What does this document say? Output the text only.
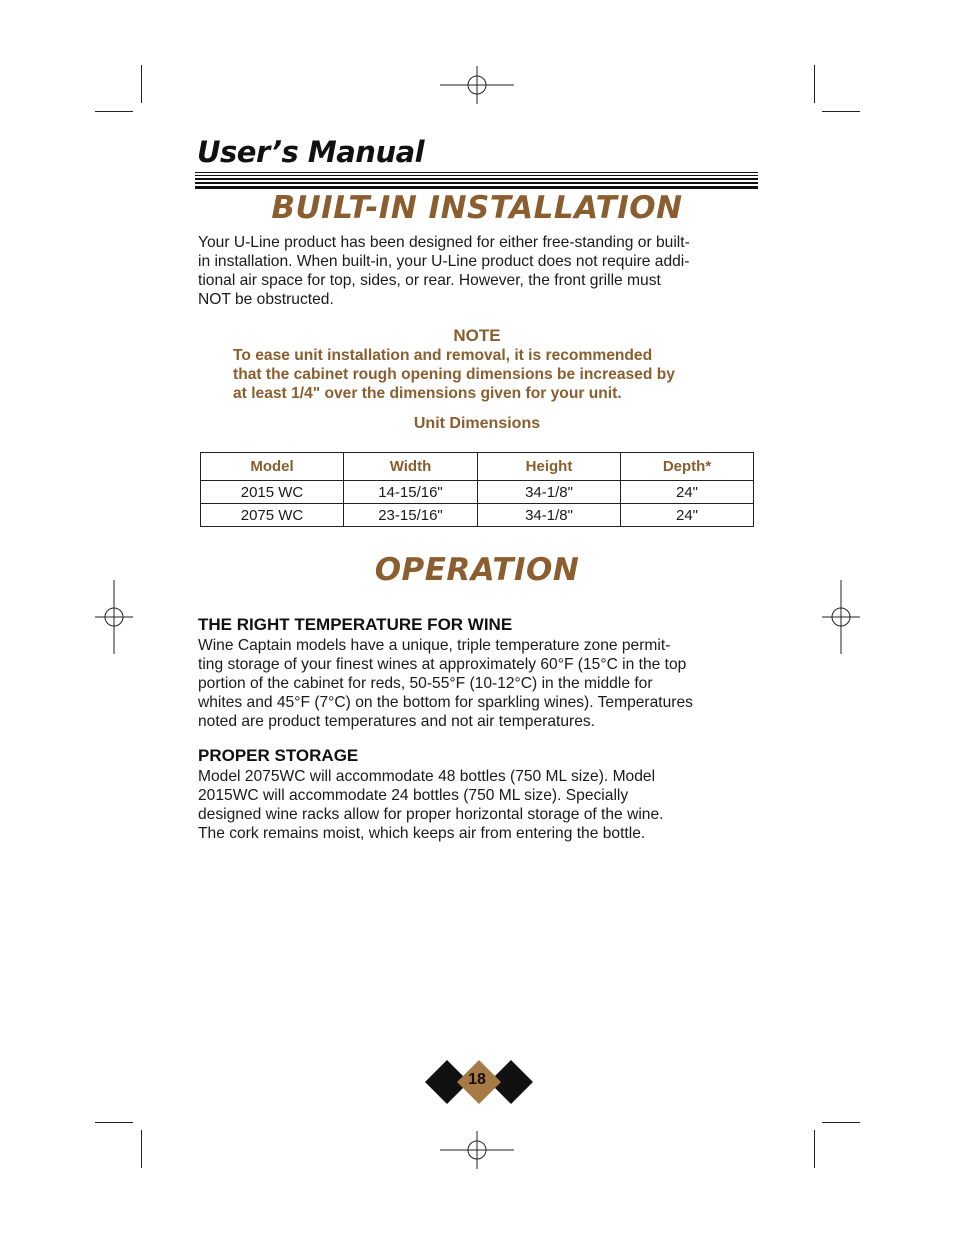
User’s Manual
BUILT-IN INSTALLATION
Your U-Line product has been designed for either free-standing or built-
in installation. When built-in, your U-Line product does not require addi-
tional air space for top, sides, or rear. However, the front grille must
NOT be obstructed.
NOTE
To ease unit installation and removal, it is recommended
that the cabinet rough opening dimensions be increased by
at least 1/4" over the dimensions given for your unit.
Unit Dimensions
Model	Width	Height	Depth*
2015 WC	14-15/16"	34-1/8"	24"
2075 WC	23-15/16"	34-1/8"	24"
OPERATION
THE RIGHT TEMPERATURE FOR WINE
Wine Captain models have a unique, triple temperature zone permit-
ting storage of your finest wines at approximately 60°F (15°C in the top
portion of the cabinet for reds, 50-55°F (10-12°C) in the middle for
whites and 45°F (7°C) on the bottom for sparkling wines). Temperatures
noted are product temperatures and not air temperatures.
PROPER STORAGE
Model 2075WC will accommodate 48 bottles (750 ML size). Model
2015WC will accommodate 24 bottles (750 ML size). Specially
designed wine racks allow for proper horizontal storage of the wine.
The cork remains moist, which keeps air from entering the bottle.
18
